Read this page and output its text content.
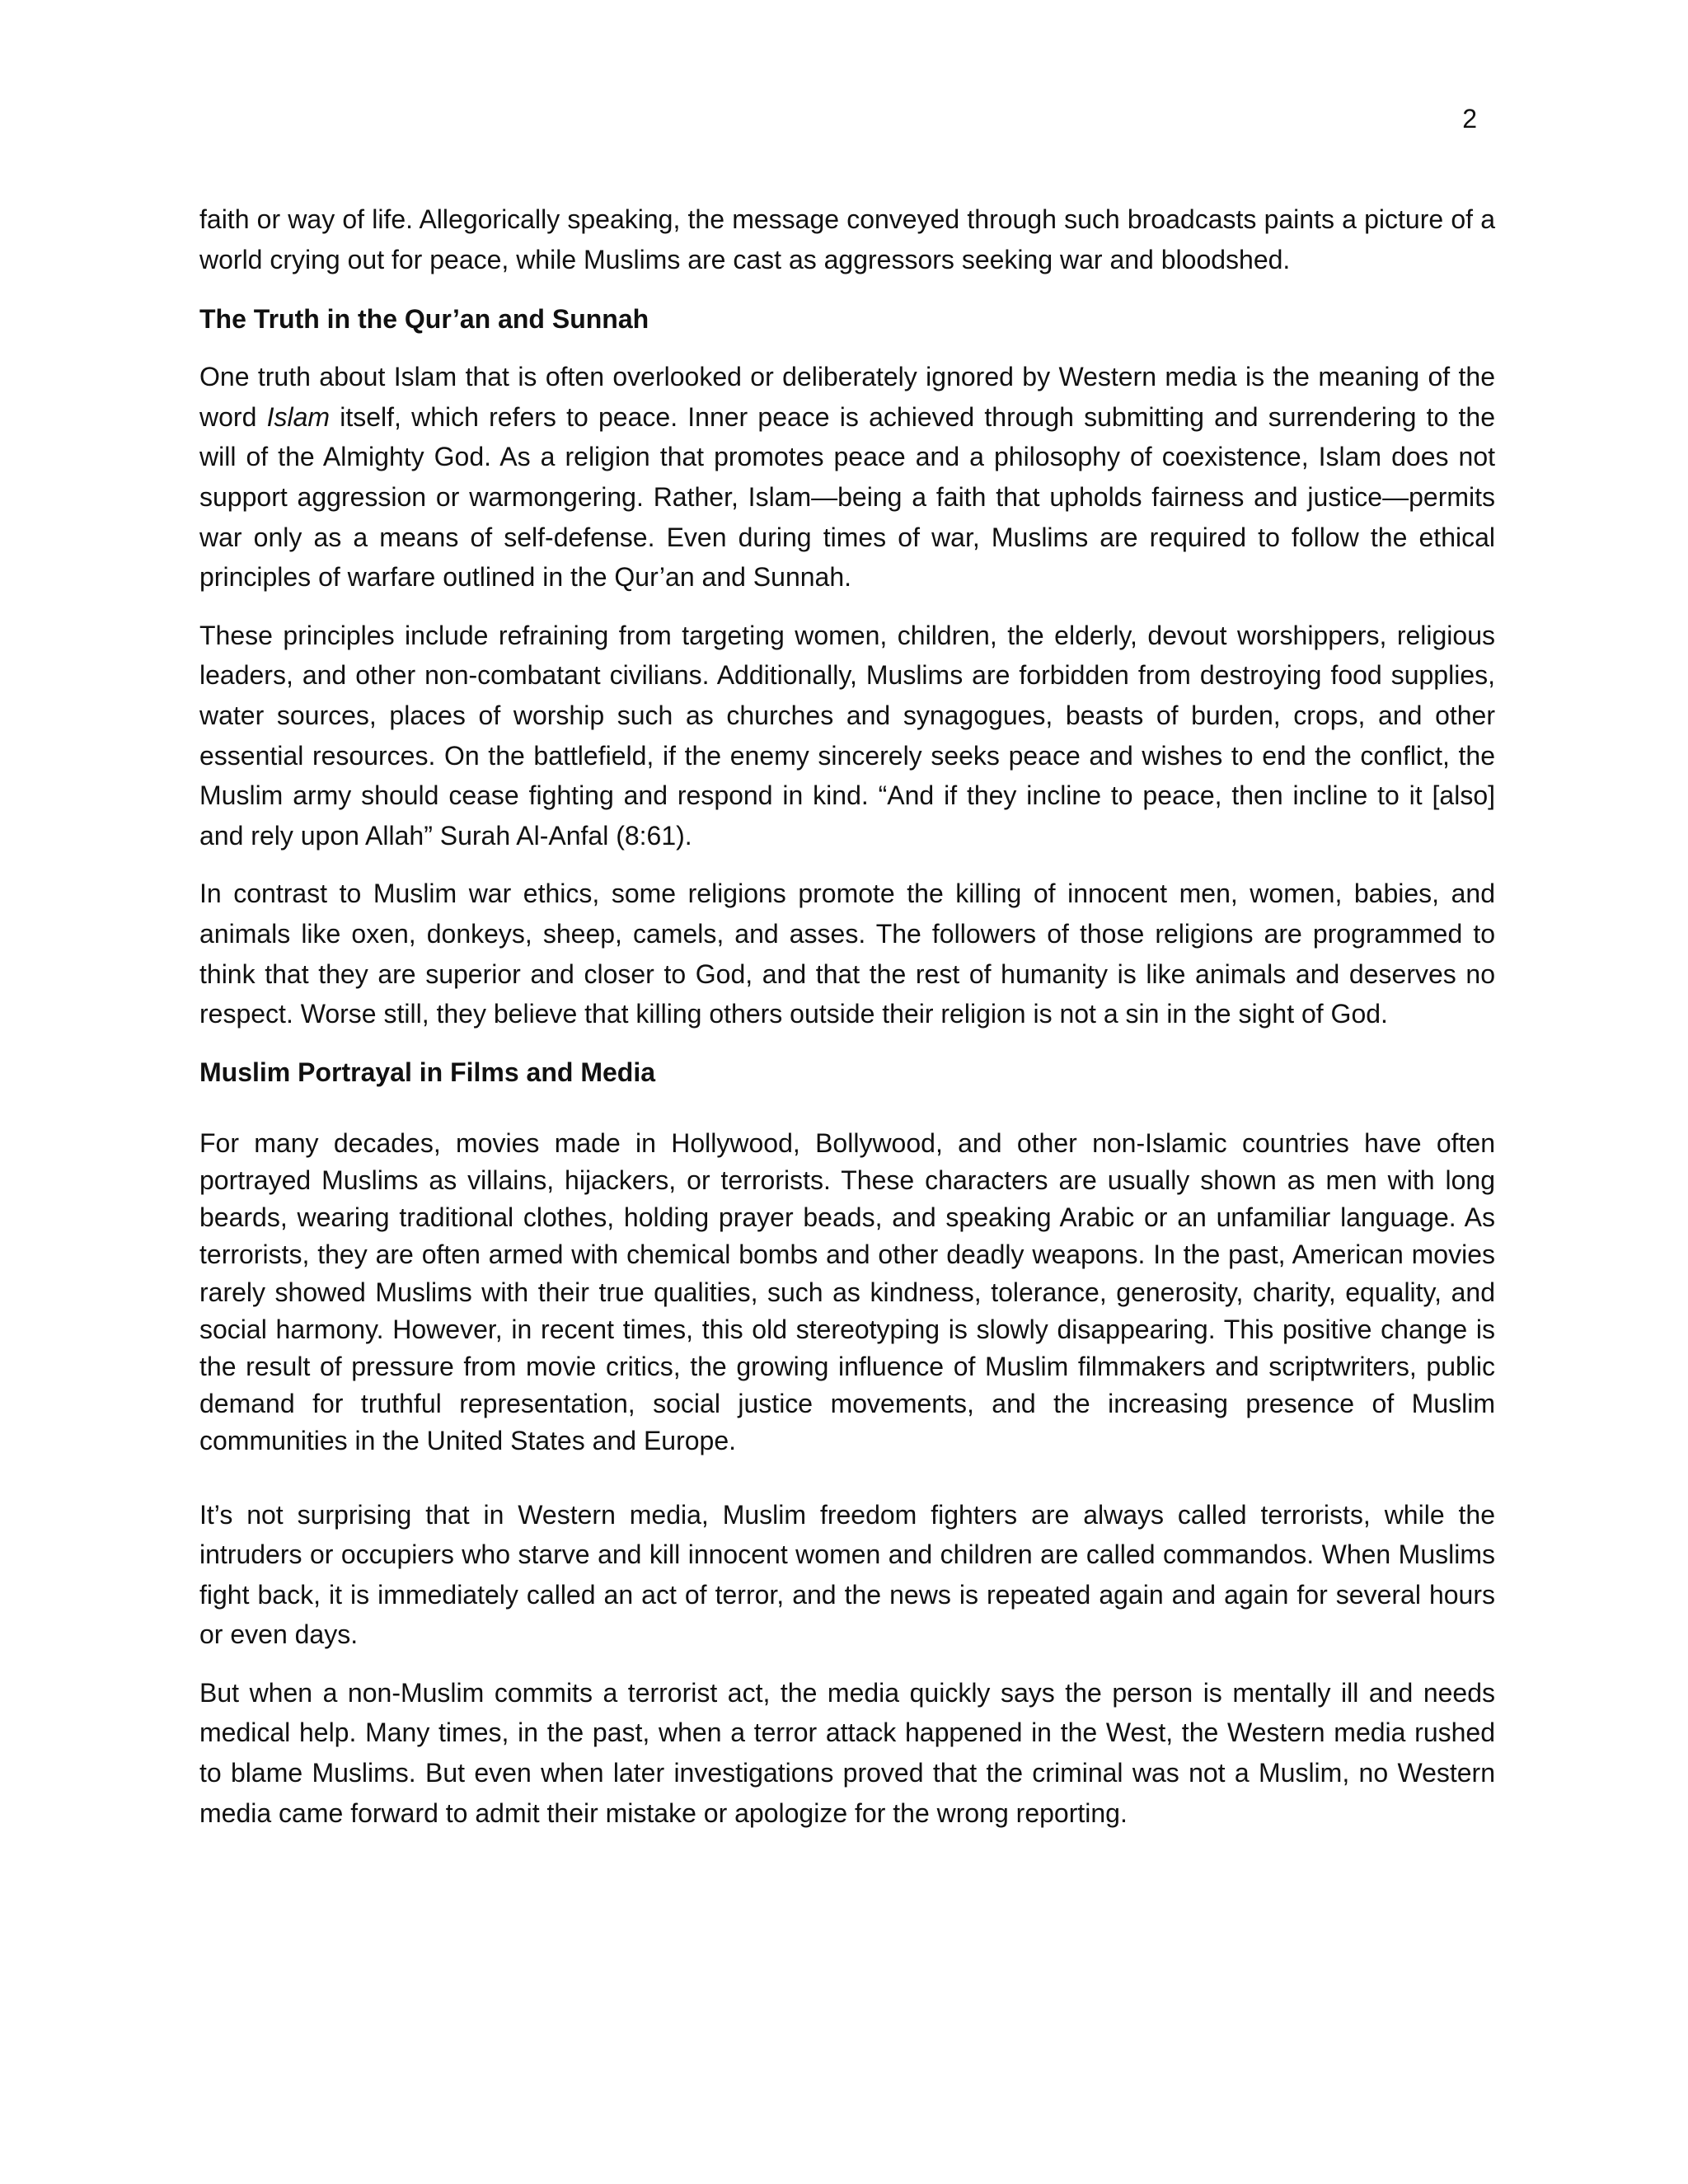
2

faith or way of life. Allegorically speaking, the message conveyed through such broadcasts paints a picture of a world crying out for peace, while Muslims are cast as aggressors seeking war and bloodshed.

The Truth in the Qur’an and Sunnah

One truth about Islam that is often overlooked or deliberately ignored by Western media is the meaning of the word Islam itself, which refers to peace. Inner peace is achieved through submitting and surrendering to the will of the Almighty God. As a religion that promotes peace and a philosophy of coexistence, Islam does not support aggression or warmongering. Rather, Islam—being a faith that upholds fairness and justice—permits war only as a means of self-defense. Even during times of war, Muslims are required to follow the ethical principles of warfare outlined in the Qur’an and Sunnah.

These principles include refraining from targeting women, children, the elderly, devout worshippers, religious leaders, and other non-combatant civilians. Additionally, Muslims are forbidden from destroying food supplies, water sources, places of worship such as churches and synagogues, beasts of burden, crops, and other essential resources. On the battlefield, if the enemy sincerely seeks peace and wishes to end the conflict, the Muslim army should cease fighting and respond in kind. “And if they incline to peace, then incline to it [also] and rely upon Allah” Surah Al-Anfal (8:61).

In contrast to Muslim war ethics, some religions promote the killing of innocent men, women, babies, and animals like oxen, donkeys, sheep, camels, and asses. The followers of those religions are programmed to think that they are superior and closer to God, and that the rest of humanity is like animals and deserves no respect. Worse still, they believe that killing others outside their religion is not a sin in the sight of God.

Muslim Portrayal in Films and Media

For many decades, movies made in Hollywood, Bollywood, and other non-Islamic countries have often portrayed Muslims as villains, hijackers, or terrorists. These characters are usually shown as men with long beards, wearing traditional clothes, holding prayer beads, and speaking Arabic or an unfamiliar language. As terrorists, they are often armed with chemical bombs and other deadly weapons. In the past, American movies rarely showed Muslims with their true qualities, such as kindness, tolerance, generosity, charity, equality, and social harmony. However, in recent times, this old stereotyping is slowly disappearing. This positive change is the result of pressure from movie critics, the growing influence of Muslim filmmakers and scriptwriters, public demand for truthful representation, social justice movements, and the increasing presence of Muslim communities in the United States and Europe.

It’s not surprising that in Western media, Muslim freedom fighters are always called terrorists, while the intruders or occupiers who starve and kill innocent women and children are called commandos. When Muslims fight back, it is immediately called an act of terror, and the news is repeated again and again for several hours or even days.

But when a non-Muslim commits a terrorist act, the media quickly says the person is mentally ill and needs medical help. Many times, in the past, when a terror attack happened in the West, the Western media rushed to blame Muslims. But even when later investigations proved that the criminal was not a Muslim, no Western media came forward to admit their mistake or apologize for the wrong reporting.
